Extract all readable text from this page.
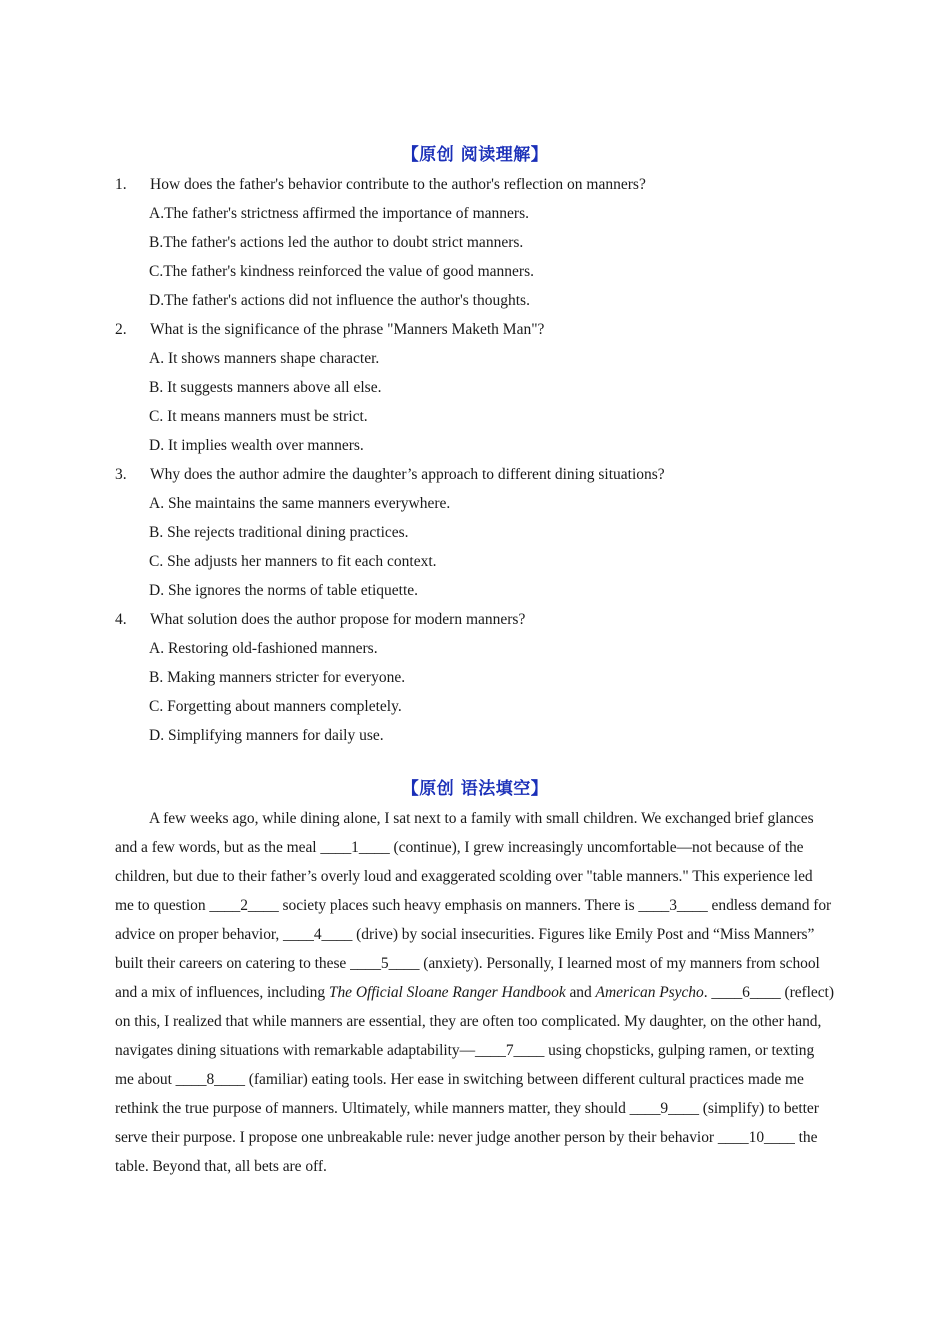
【原创 阅读理解】
1.	How does the father's behavior contribute to the author's reflection on manners?
A.The father's strictness affirmed the importance of manners.
B.The father's actions led the author to doubt strict manners.
C.The father's kindness reinforced the value of good manners.
D.The father's actions did not influence the author's thoughts.
2.	What is the significance of the phrase "Manners Maketh Man"?
A. It shows manners shape character.
B. It suggests manners above all else.
C. It means manners must be strict.
D. It implies wealth over manners.
3.	Why does the author admire the daughter’s approach to different dining situations?
A. She maintains the same manners everywhere.
B. She rejects traditional dining practices.
C. She adjusts her manners to fit each context.
D. She ignores the norms of table etiquette.
4.	What solution does the author propose for modern manners?
A. Restoring old-fashioned manners.
B. Making manners stricter for everyone.
C. Forgetting about manners completely.
D. Simplifying manners for daily use.
【原创 语法填空】

A few weeks ago, while dining alone, I sat next to a family with small children. We exchanged brief glances and a few words, but as the meal ____1____ (continue), I grew increasingly uncomfortable—not because of the children, but due to their father’s overly loud and exaggerated scolding over "table manners." This experience led me to question ____2____ society places such heavy emphasis on manners. There is ____3____ endless demand for advice on proper behavior, ____4____ (drive) by social insecurities. Figures like Emily Post and “Miss Manners” built their careers on catering to these ____5____ (anxiety). Personally, I learned most of my manners from school and a mix of influences, including The Official Sloane Ranger Handbook and American Psycho. ____6____ (reflect) on this, I realized that while manners are essential, they are often too complicated. My daughter, on the other hand, navigates dining situations with remarkable adaptability—____7____ using chopsticks, gulping ramen, or texting me about ____8____ (familiar) eating tools. Her ease in switching between different cultural practices made me rethink the true purpose of manners. Ultimately, while manners matter, they should ____9____ (simplify) to better serve their purpose. I propose one unbreakable rule: never judge another person by their behavior ____10____ the table. Beyond that, all bets are off.
